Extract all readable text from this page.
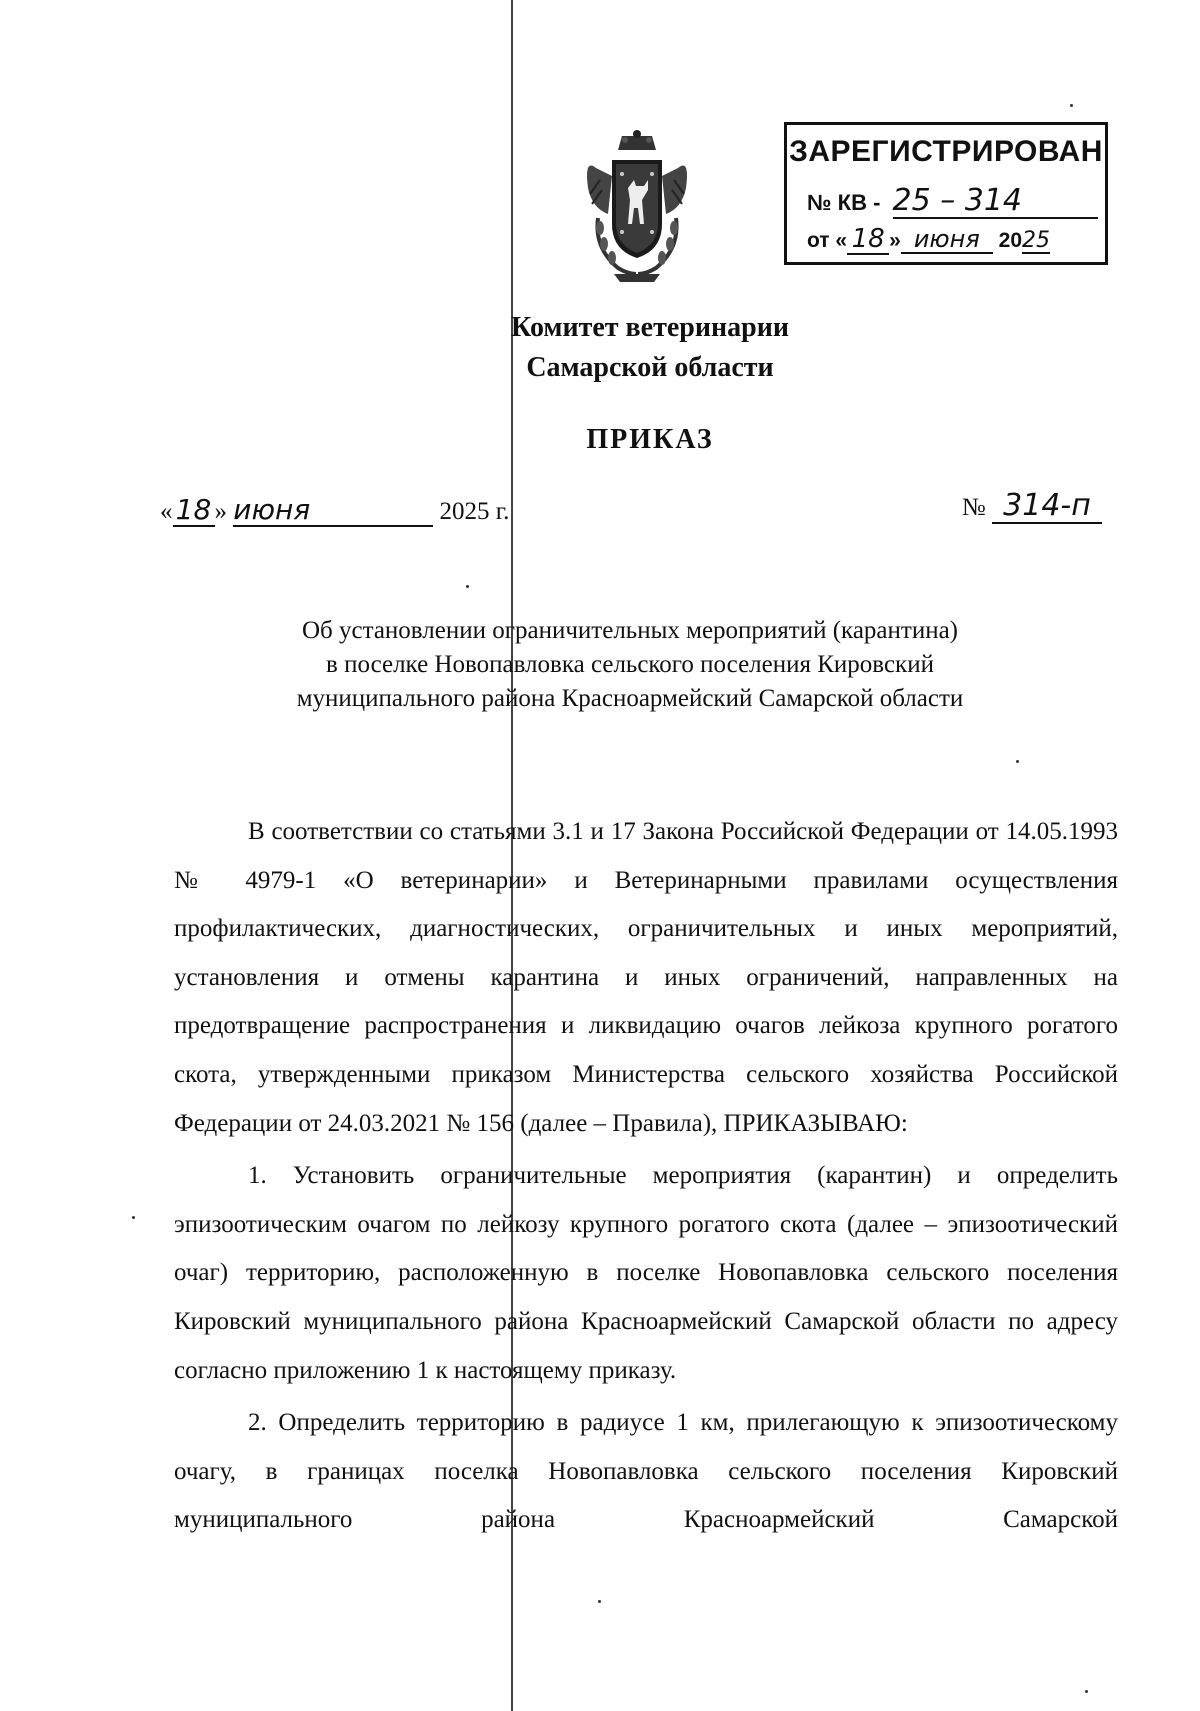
ЗАРЕГИСТРИРОВАН
№ КВ - 25 – 314
от « 18 » июня 2025
Комитет ветеринарии
Самарской области
ПРИКАЗ
« 18 » июня	2025 г.	№ 314-п
Об установлении ограничительных мероприятий (карантина)
в поселке Новопавловка сельского поселения Кировский
муниципального района Красноармейский Самарской области

В соответствии со статьями 3.1 и 17 Закона Российской Федерации от 14.05.1993 № 4979-1 «О ветеринарии» и Ветеринарными правилами осуществления профилактических, диагностических, ограничительных и иных мероприятий, установления и отмены карантина и иных ограничений, направленных на предотвращение распространения и ликвидацию очагов лейкоза крупного рогатого скота, утвержденными приказом Министерства сельского хозяйства Российской Федерации от 24.03.2021 № 156 (далее – Правила), ПРИКАЗЫВАЮ:

1. Установить ограничительные мероприятия (карантин) и определить эпизоотическим очагом по лейкозу крупного рогатого скота (далее – эпизоотический очаг) территорию, расположенную в поселке Новопавловка сельского поселения Кировский муниципального района Красноармейский Самарской области по адресу согласно приложению 1 к настоящему приказу.

2. Определить территорию в радиусе 1 км, прилегающую к эпизоотическому очагу, в границах поселка Новопавловка сельского поселения Кировский муниципального района Красноармейский Самарской
